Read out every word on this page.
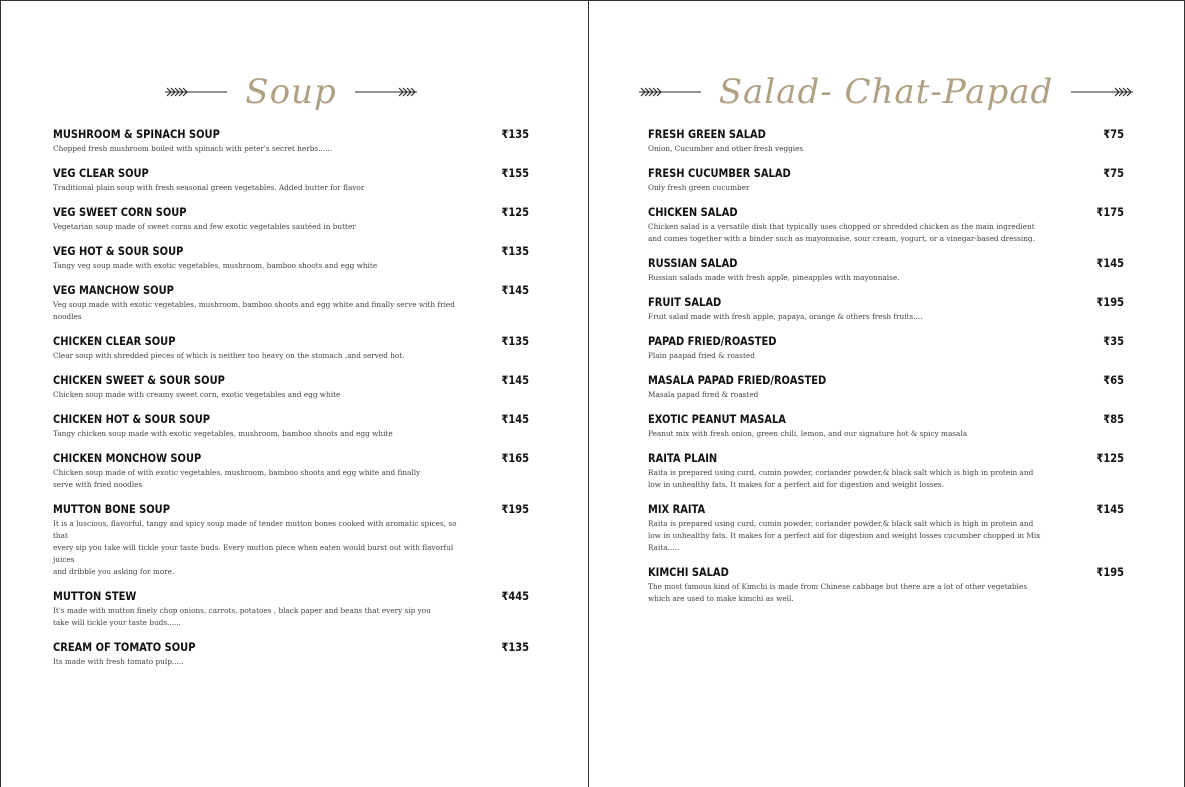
Soup
MUSHROOM & SPINACH SOUP	₹135
Chopped fresh mushroom boiled with spinach with peter's secret herbs......
VEG CLEAR SOUP	₹155
Traditional plain soup with fresh seasonal green vegetables. Added butter for flavor
VEG SWEET CORN SOUP	₹125
Vegetarian soup made of sweet corns and few exotic vegetables sautéed in butter
VEG HOT & SOUR SOUP	₹135
Tangy veg soup made with exotic vegetables, mushroom, bamboo shoots and egg white
VEG MANCHOW SOUP	₹145
Veg soup made with exotic vegetables, mushroom, bamboo shoots and egg white and finally serve with fried noodles
CHICKEN CLEAR SOUP	₹135
Clear soup with shredded pieces of which is neither too heavy on the stomach ,and served hot.
CHICKEN SWEET & SOUR SOUP	₹145
Chicken soup made with creamy sweet corn, exotic vegetables and egg white
CHICKEN HOT & SOUR SOUP	₹145
Tangy chicken soup made with exotic vegetables, mushroom, bamboo shoots and egg white
CHICKEN MONCHOW SOUP	₹165
Chicken soup made of with exotic vegetables, mushroom, bamboo shoots and egg white and finally
serve with fried noodles
MUTTON BONE SOUP	₹195
It is a luscious, flavorful, tangy and spicy soup made of tender mutton bones cooked with aromatic spices, so that
every sip you take will tickle your taste buds. Every mutton piece when eaten would burst out with flavorful juices
and dribble you asking for more.
MUTTON STEW	₹445
It's made with mutton finely chop onions, carrots, potatoes , black paper and beans that every sip you
take will tickle your taste buds......
CREAM OF TOMATO SOUP	₹135
Its made with fresh tomato pulp.....
Salad- Chat-Papad
FRESH GREEN SALAD	₹75
Onion, Cucumber and other fresh veggies
FRESH CUCUMBER SALAD	₹75
Only fresh green cucumber
CHICKEN SALAD	₹175
Chicken salad is a versatile dish that typically uses chopped or shredded chicken as the main ingredient
and comes together with a binder such as mayonnaise, sour cream, yogurt, or a vinegar-based dressing.
RUSSIAN SALAD	₹145
Russian salads made with fresh apple, pineapples with mayonnaise.
FRUIT SALAD	₹195
Fruit salad made with fresh apple, papaya, orange & others fresh fruits....
PAPAD FRIED/ROASTED	₹35
Plain paapad fried & roasted
MASALA PAPAD FRIED/ROASTED	₹65
Masala papad fired & roasted
EXOTIC PEANUT MASALA	₹85
Peanut mix with fresh onion, green chili, lemon, and our signature hot & spicy masala
RAITA PLAIN	₹125
Raita is prepared using curd, cumin powder, coriander powder,& black salt which is high in protein and
low in unhealthy fats. It makes for a perfect aid for digestion and weight losses.
MIX RAITA	₹145
Raita is prepared using curd, cumin powder, coriander powder,& black salt which is high in protein and
low in unhealthy fats. It makes for a perfect aid for digestion and weight losses cucumber chopped in Mix Raita.....
KIMCHI SALAD	₹195
The most famous kind of Kimchi is made from Chinese cabbage but there are a lot of other vegetables
which are used to make kimchi as well.
